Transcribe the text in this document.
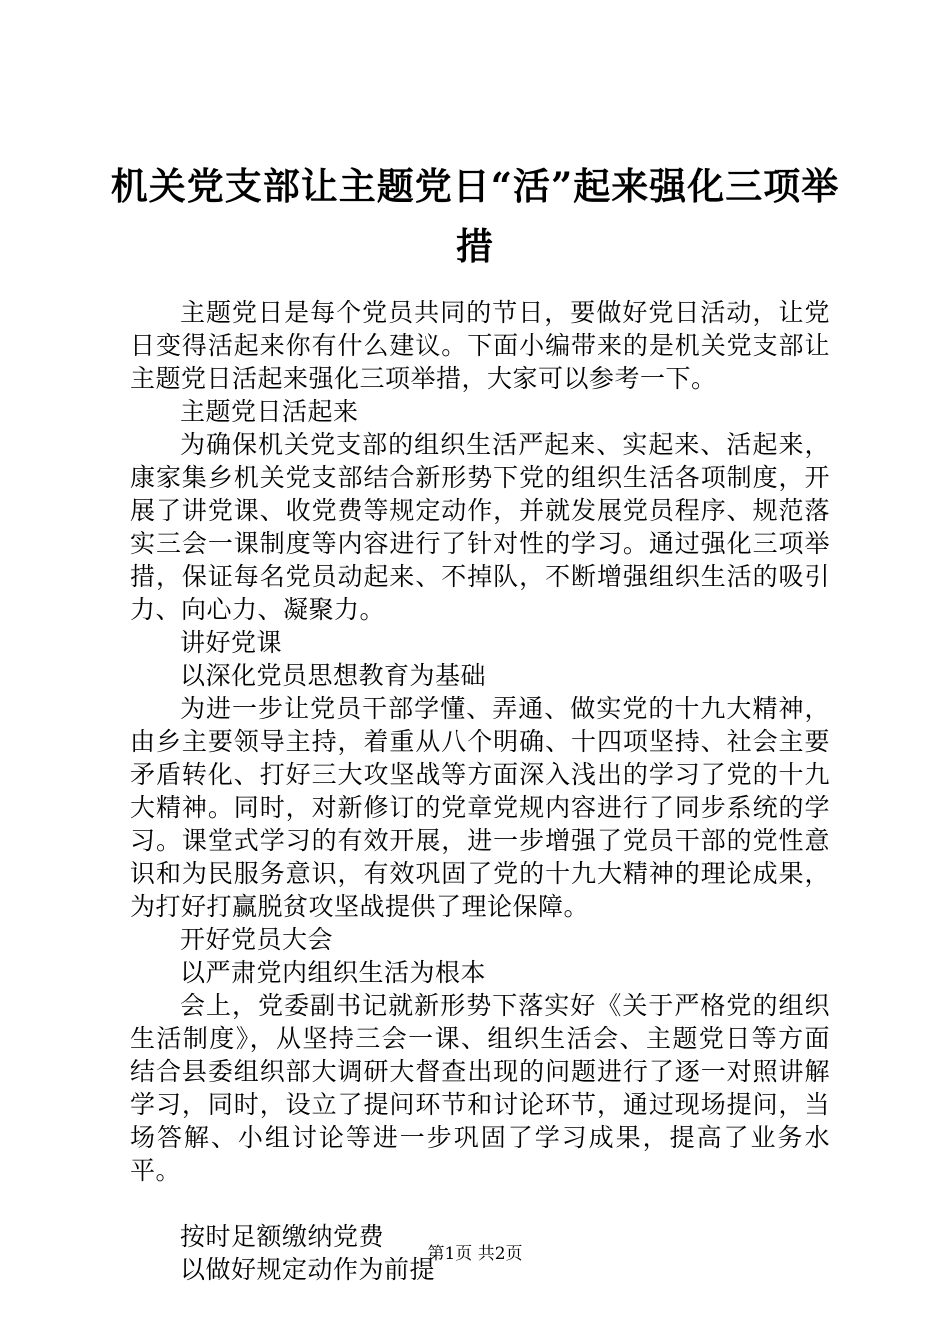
机关党支部让主题党日“活”起来强化三项举措

主题党日是每个党员共同的节日，要做好党日活动，让党日变得活起来你有什么建议。下面小编带来的是机关党支部让主题党日活起来强化三项举措，大家可以参考一下。

主题党日活起来

为确保机关党支部的组织生活严起来、实起来、活起来，康家集乡机关党支部结合新形势下党的组织生活各项制度，开展了讲党课、收党费等规定动作，并就发展党员程序、规范落实三会一课制度等内容进行了针对性的学习。通过强化三项举措，保证每名党员动起来、不掉队，不断增强组织生活的吸引力、向心力、凝聚力。

讲好党课

以深化党员思想教育为基础

为进一步让党员干部学懂、弄通、做实党的十九大精神，由乡主要领导主持，着重从八个明确、十四项坚持、社会主要矛盾转化、打好三大攻坚战等方面深入浅出的学习了党的十九大精神。同时，对新修订的党章党规内容进行了同步系统的学习。课堂式学习的有效开展，进一步增强了党员干部的党性意识和为民服务意识，有效巩固了党的十九大精神的理论成果，为打好打赢脱贫攻坚战提供了理论保障。

开好党员大会

以严肃党内组织生活为根本

会上，党委副书记就新形势下落实好《关于严格党的组织生活制度》，从坚持三会一课、组织生活会、主题党日等方面结合县委组织部大调研大督查出现的问题进行了逐一对照讲解学习，同时，设立了提问环节和讨论环节，通过现场提问，当场答解、小组讨论等进一步巩固了学习成果，提高了业务水平。

按时足额缴纳党费

以做好规定动作为前提

第1页 共2页
